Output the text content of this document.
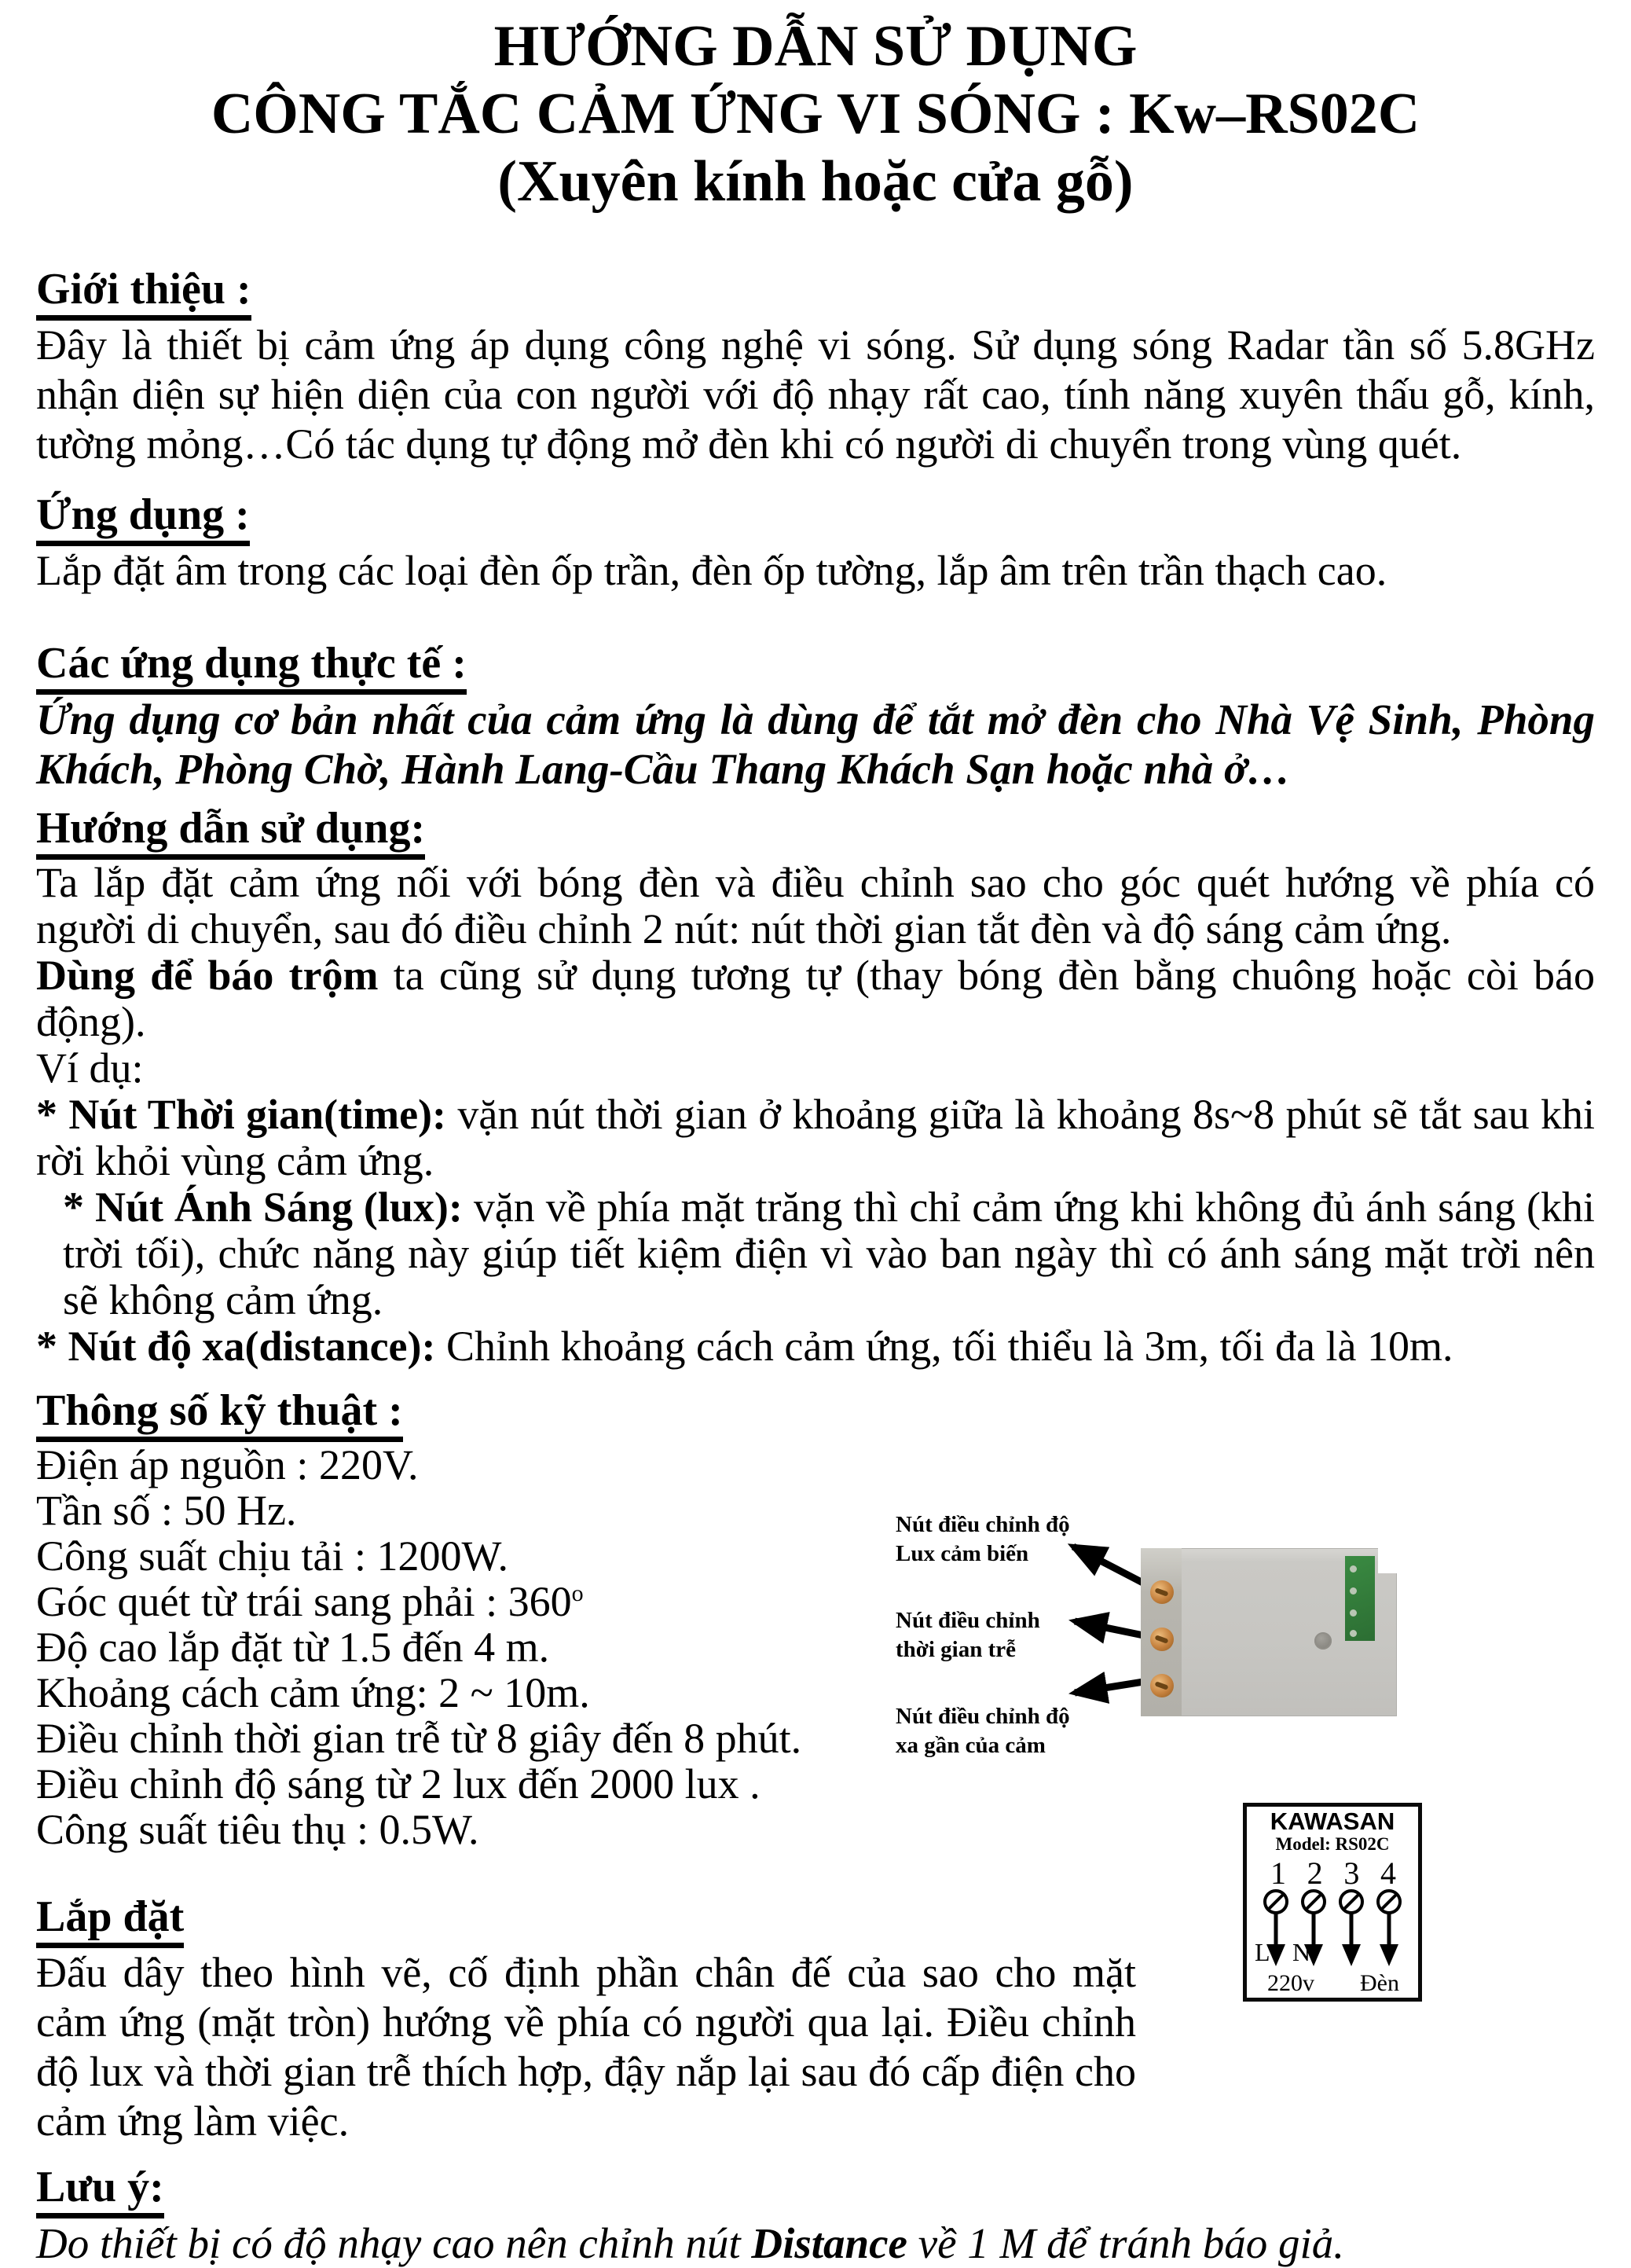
HƯỚNG DẪN SỬ DỤNG
CÔNG TẮC CẢM ỨNG VI SÓNG : Kw–RS02C
(Xuyên kính hoặc cửa gỗ)
Giới thiệu :

Đây là thiết bị cảm ứng áp dụng công nghệ vi sóng. Sử dụng sóng Radar tần số 5.8GHz nhận diện sự hiện diện của con người với độ nhạy rất cao, tính năng xuyên thấu gỗ, kính, tường mỏng…Có tác dụng tự động mở đèn khi có người di chuyển trong vùng quét.

Ứng dụng :

Lắp đặt âm trong các loại đèn ốp trần, đèn ốp tường, lắp âm trên trần thạch cao.

Các ứng dụng thực tế :

Ứng dụng cơ bản nhất của cảm ứng là dùng để tắt mở đèn cho Nhà Vệ Sinh, Phòng Khách, Phòng Chờ, Hành Lang-Cầu Thang Khách Sạn hoặc nhà ở…

Hướng dẫn sử dụng:

Ta lắp đặt cảm ứng nối với bóng đèn và điều chỉnh sao cho góc quét hướng về phía có người di chuyển, sau đó điều chỉnh 2 nút: nút thời gian tắt đèn và độ sáng cảm ứng.

Dùng để báo trộm ta cũng sử dụng tương tự (thay bóng đèn bằng chuông hoặc còi báo động).

Ví dụ:

* Nút Thời gian(time): vặn nút thời gian ở khoảng giữa là khoảng 8s~8 phút sẽ tắt sau khi rời khỏi vùng cảm ứng.

* Nút Ánh Sáng (lux): vặn về phía mặt trăng thì chỉ cảm ứng khi không đủ ánh sáng (khi trời tối), chức năng này giúp tiết kiệm điện vì vào ban ngày thì có ánh sáng mặt trời nên sẽ không cảm ứng.

* Nút độ xa(distance): Chỉnh khoảng cách cảm ứng, tối thiểu là 3m, tối đa là 10m.

Thông số kỹ thuật :

Điện áp nguồn : 220V.

Tần số : 50 Hz.

Công suất chịu tải : 1200W.

Góc quét từ trái sang phải : 360$^o$

Độ cao lắp đặt từ 1.5 đến 4 m.

Khoảng cách cảm ứng: 2 ~ 10m.

Điều chỉnh thời gian trễ từ 8 giây đến 8 phút.

Điều chỉnh độ sáng từ 2 lux đến 2000 lux .

Công suất tiêu thụ : 0.5W.

Lắp đặt

Đấu dây theo hình vẽ, cố định phần chân đế của sao cho mặt cảm ứng (mặt tròn) hướng về phía có người qua lại. Điều chỉnh độ lux và thời gian trễ thích hợp, đậy nắp lại sau đó cấp điện cho cảm ứng làm việc.

Lưu ý:

Do thiết bị có độ nhạy cao nên chỉnh nút Distance về 1 M để tránh báo giả.

Nút điều chỉnh độ
Lux cảm biến
Nút điều chỉnh
thời gian trễ
Nút điều chỉnh độ
xa gần của cảm
KAWASAN
Model: RS02C
1 2 3 4
L N
220v Đèn
